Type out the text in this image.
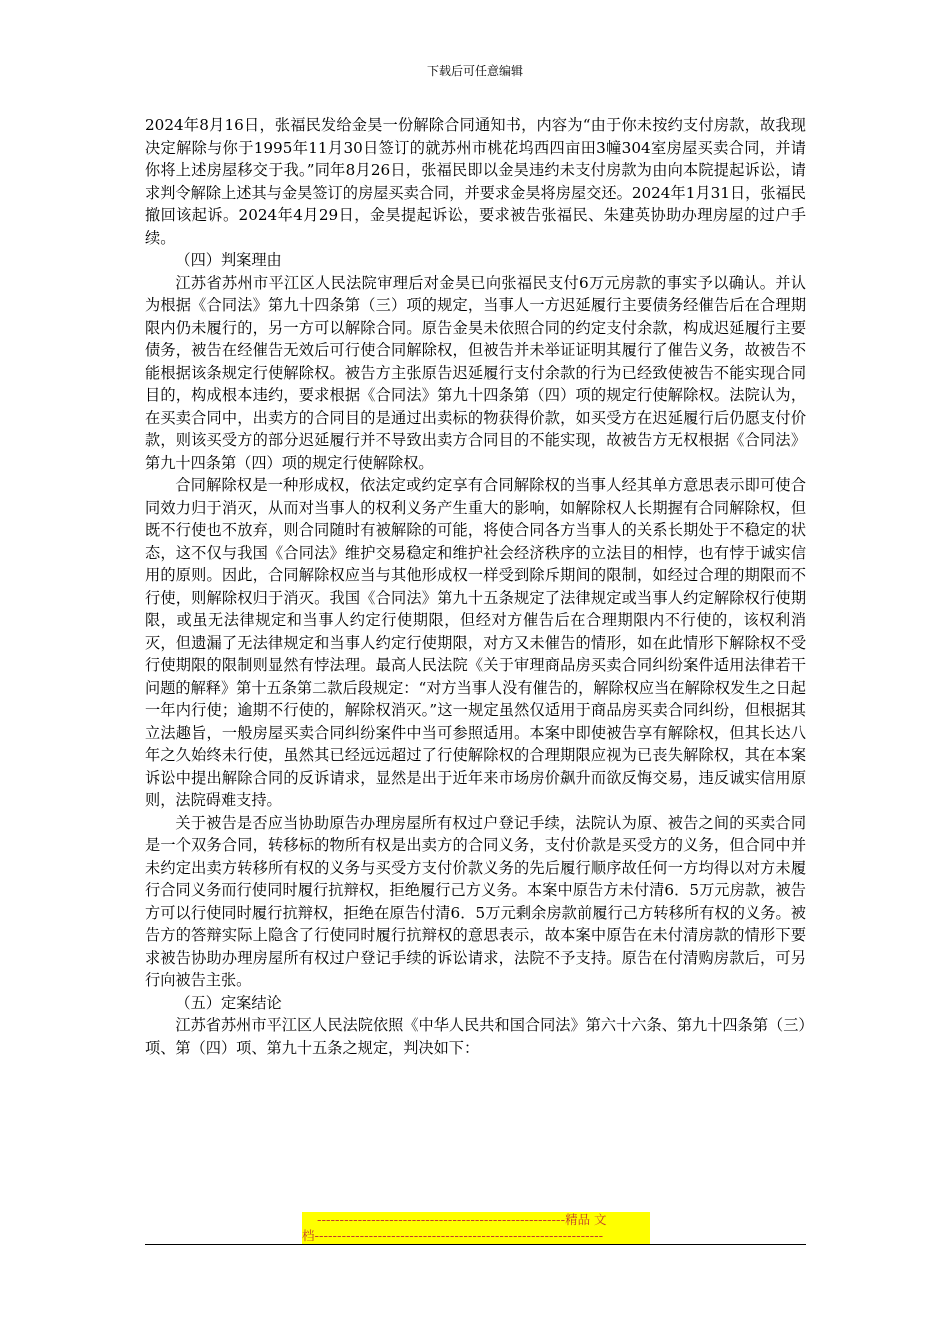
下载后可任意编辑

2024年8月16日，张福民发给金昊一份解除合同通知书，内容为“由于你未按约支付房款，故我现决定解除与你于1995年11月30日签订的就苏州市桃花坞西四亩田3幢304室房屋买卖合同，并请你将上述房屋移交于我。”同年8月26日，张福民即以金昊违约未支付房款为由向本院提起诉讼，请求判令解除上述其与金昊签订的房屋买卖合同，并要求金昊将房屋交还。2024年1月31日，张福民撤回该起诉。2024年4月29日，金昊提起诉讼，要求被告张福民、朱建英协助办理房屋的过户手续。

（四）判案理由

江苏省苏州市平江区人民法院审理后对金昊已向张福民支付6万元房款的事实予以确认。并认为根据《合同法》第九十四条第（三）项的规定，当事人一方迟延履行主要债务经催告后在合理期限内仍未履行的，另一方可以解除合同。原告金昊未依照合同的约定支付余款，构成迟延履行主要债务，被告在经催告无效后可行使合同解除权，但被告并未举证证明其履行了催告义务，故被告不能根据该条规定行使解除权。被告方主张原告迟延履行支付余款的行为已经致使被告不能实现合同目的，构成根本违约，要求根据《合同法》第九十四条第（四）项的规定行使解除权。法院认为，在买卖合同中，出卖方的合同目的是通过出卖标的物获得价款，如买受方在迟延履行后仍愿支付价款，则该买受方的部分迟延履行并不导致出卖方合同目的不能实现，故被告方无权根据《合同法》第九十四条第（四）项的规定行使解除权。

合同解除权是一种形成权，依法定或约定享有合同解除权的当事人经其单方意思表示即可使合同效力归于消灭，从而对当事人的权利义务产生重大的影响，如解除权人长期握有合同解除权，但既不行使也不放弃，则合同随时有被解除的可能，将使合同各方当事人的关系长期处于不稳定的状态，这不仅与我国《合同法》维护交易稳定和维护社会经济秩序的立法目的相悖，也有悖于诚实信用的原则。因此，合同解除权应当与其他形成权一样受到除斥期间的限制，如经过合理的期限而不行使，则解除权归于消灭。我国《合同法》第九十五条规定了法律规定或当事人约定解除权行使期限，或虽无法律规定和当事人约定行使期限，但经对方催告后在合理期限内不行使的，该权利消灭，但遗漏了无法律规定和当事人约定行使期限，对方又未催告的情形，如在此情形下解除权不受行使期限的限制则显然有悖法理。最高人民法院《关于审理商品房买卖合同纠纷案件适用法律若干问题的解释》第十五条第二款后段规定：“对方当事人没有催告的，解除权应当在解除权发生之日起一年内行使；逾期不行使的，解除权消灭。”这一规定虽然仅适用于商品房买卖合同纠纷，但根据其立法趣旨，一般房屋买卖合同纠纷案件中当可参照适用。本案中即使被告享有解除权，但其长达八年之久始终未行使，虽然其已经远远超过了行使解除权的合理期限应视为已丧失解除权，其在本案诉讼中提出解除合同的反诉请求，显然是出于近年来市场房价飙升而欲反悔交易，违反诚实信用原则，法院碍难支持。

关于被告是否应当协助原告办理房屋所有权过户登记手续，法院认为原、被告之间的买卖合同是一个双务合同，转移标的物所有权是出卖方的合同义务，支付价款是买受方的义务，但合同中并未约定出卖方转移所有权的义务与买受方支付价款义务的先后履行顺序故任何一方均得以对方未履行合同义务而行使同时履行抗辩权，拒绝履行己方义务。本案中原告方未付清6．5万元房款，被告方可以行使同时履行抗辩权，拒绝在原告付清6．5万元剩余房款前履行己方转移所有权的义务。被告方的答辩实际上隐含了行使同时履行抗辩权的意思表示，故本案中原告在未付清房款的情形下要求被告协助办理房屋所有权过户登记手续的诉讼请求，法院不予支持。原告在付清购房款后，可另行向被告主张。

（五）定案结论

江苏省苏州市平江区人民法院依照《中华人民共和国合同法》第六十六条、第九十四条第（三）项、第（四）项、第九十五条之规定，判决如下：

-------------------------------------------------------精品 文
档----------------------------------------------------------------
